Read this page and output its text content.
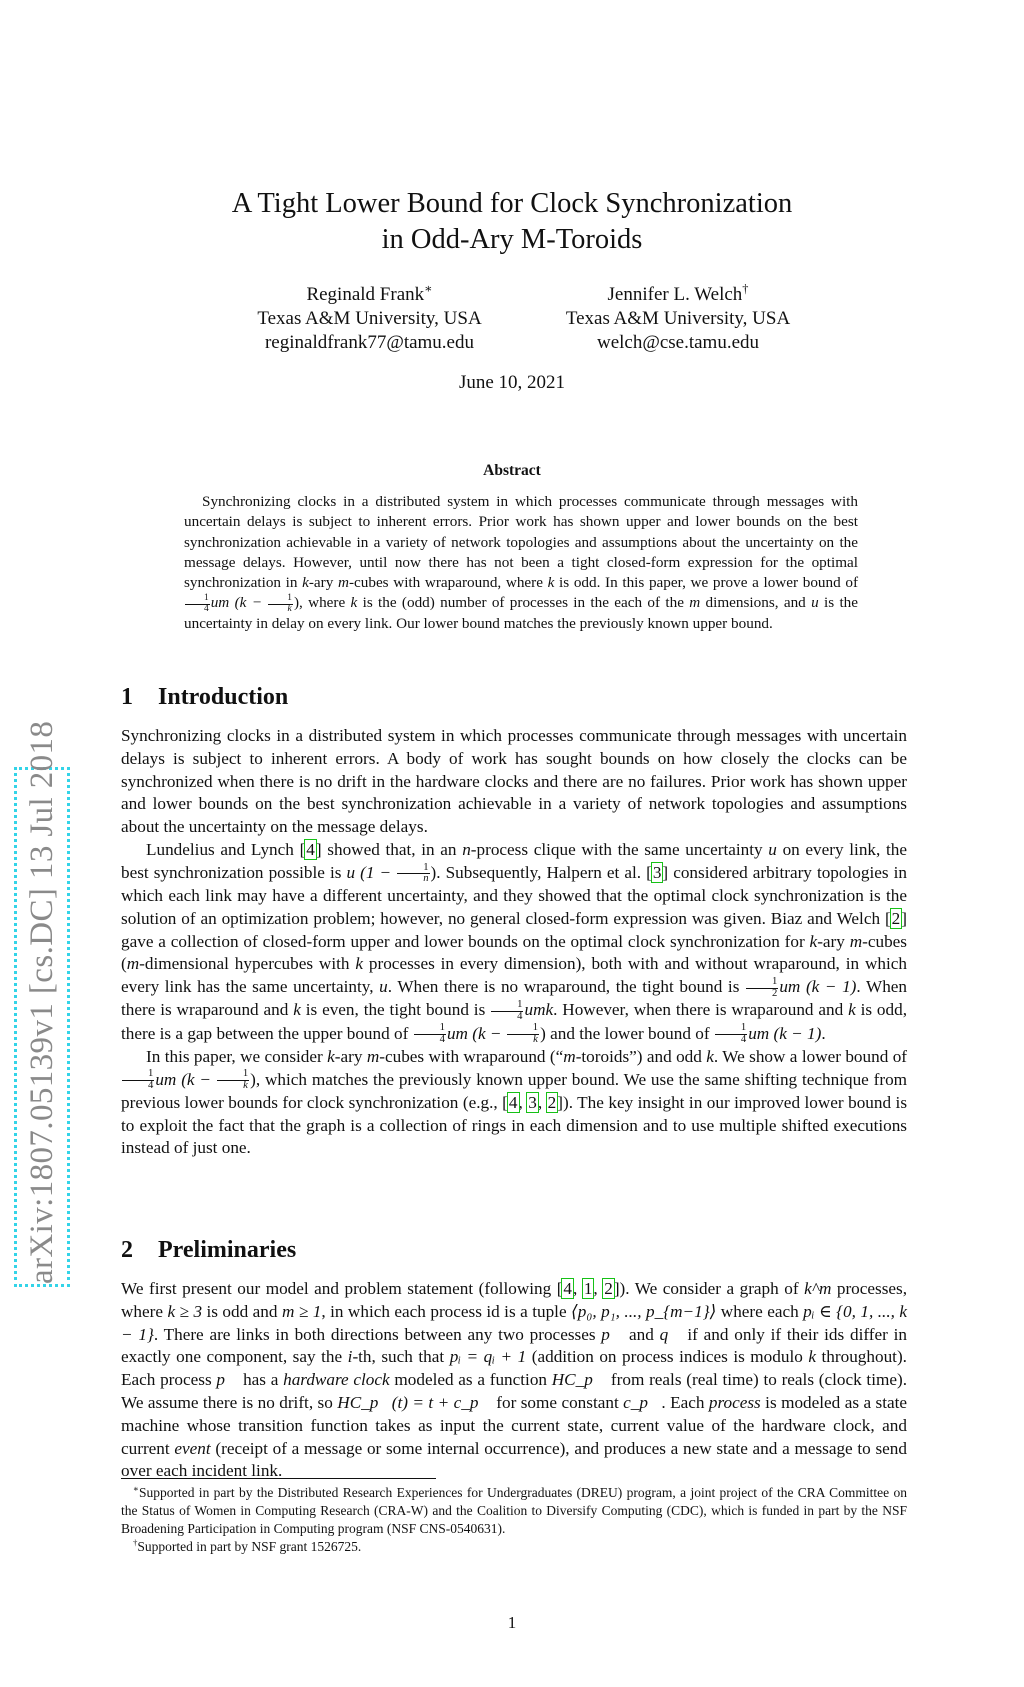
arXiv:1807.05139v1 [cs.DC] 13 Jul 2018
A Tight Lower Bound for Clock Synchronization
in Odd-Ary M-Toroids
Reginald Frank∗
Texas A&M University, USA
reginaldfrank77@tamu.edu
Jennifer L. Welch†
Texas A&M University, USA
welch@cse.tamu.edu
June 10, 2021
Abstract

Synchronizing clocks in a distributed system in which processes communicate through messages with uncertain delays is subject to inherent errors. Prior work has shown upper and lower bounds on the best synchronization achievable in a variety of network topologies and assumptions about the uncertainty on the message delays. However, until now there has not been a tight closed-form expression for the optimal synchronization in k-ary m-cubes with wraparound, where k is odd. In this paper, we prove a lower bound of
$\frac{1}{4}$ um ($k - \frac{1}{k}$ ), where k is the (odd) number of processes in the each of the m dimensions, and u is the uncertainty in delay on every link. Our lower bound matches the previously known upper bound.

1 Introduction

Synchronizing clocks in a distributed system in which processes communicate through messages with uncertain delays is subject to inherent errors. A body of work has sought bounds on how closely the clocks can be synchronized when there is no drift in the hardware clocks and there are no failures. Prior work has shown upper and lower bounds on the best synchronization achievable in a variety of network topologies and assumptions about the uncertainty on the message delays.

Lundelius and Lynch [4] showed that, in an n-process clique with the same uncertainty u on every link, the best synchronization possible is u ($1 - \frac{1}{n}$ ). Subsequently, Halpern et al. [3] considered arbitrary topologies in which each link may have a different uncertainty, and they showed that the optimal clock synchronization is the solution of an optimization problem; however, no general closed-form expression was given. Biaz and Welch [2] gave a collection of closed-form upper and lower bounds on the optimal clock synchronization for k-ary m-cubes (m-dimensional hypercubes with k processes in every dimension), both with and without wraparound, in which every link has the same uncertainty, u. When there is no wraparound, the tight bound is $\frac{1}{2}$ um (k − 1). When there is wraparound and k is even, the tight bound is $\frac{1}{4}$ umk. However, when there is wraparound and k is odd, there is a gap between the upper bound of $\frac{1}{4}$ um ($k - \frac{1}{k}$ ) and the lower bound of $\frac{1}{4}$ um (k − 1).

In this paper, we consider k-ary m-cubes with wraparound (“m-toroids”) and odd k. We show a lower bound of
$\frac{1}{4}$ um ($k - \frac{1}{k}$ ), which matches the previously known upper bound. We use the same shifting technique from previous lower bounds for clock synchronization (e.g., [4, 3, 2]). The key insight in our improved lower bound is to exploit the fact that the graph is a collection of rings in each dimension and to use multiple shifted executions instead of just one.

2 Preliminaries

We first present our model and problem statement (following [4, 1, 2]). We consider a graph of k^m processes, where k ≥ 3 is odd and m ≥ 1, in which each process id is a tuple ⟨p₀, p₁, ..., p_{m−1}⟩ where each pᵢ ∈ {0, 1, ..., k − 1}. There are links in both directions between any two processes p⃗ and q⃗ if and only if their ids differ in exactly one component, say the i-th, such that pᵢ = qᵢ + 1 (addition on process indices is modulo k throughout). Each process p⃗ has a hardware clock modeled as a function HC_p⃗ from reals (real time) to reals (clock time). We assume there is no drift, so HC_p⃗(t) = t + c_p⃗ for some constant c_p⃗. Each process is modeled as a state machine whose transition function takes as input the current state, current value of the hardware clock, and current event (receipt of a message or some internal occurrence), and produces a new state and a message to send over each incident link.

∗Supported in part by the Distributed Research Experiences for Undergraduates (DREU) program, a joint project of the CRA Committee on the Status of Women in Computing Research (CRA-W) and the Coalition to Diversify Computing (CDC), which is funded in part by the NSF Broadening Participation in Computing program (NSF CNS-0540631).

†Supported in part by NSF grant 1526725.

1
